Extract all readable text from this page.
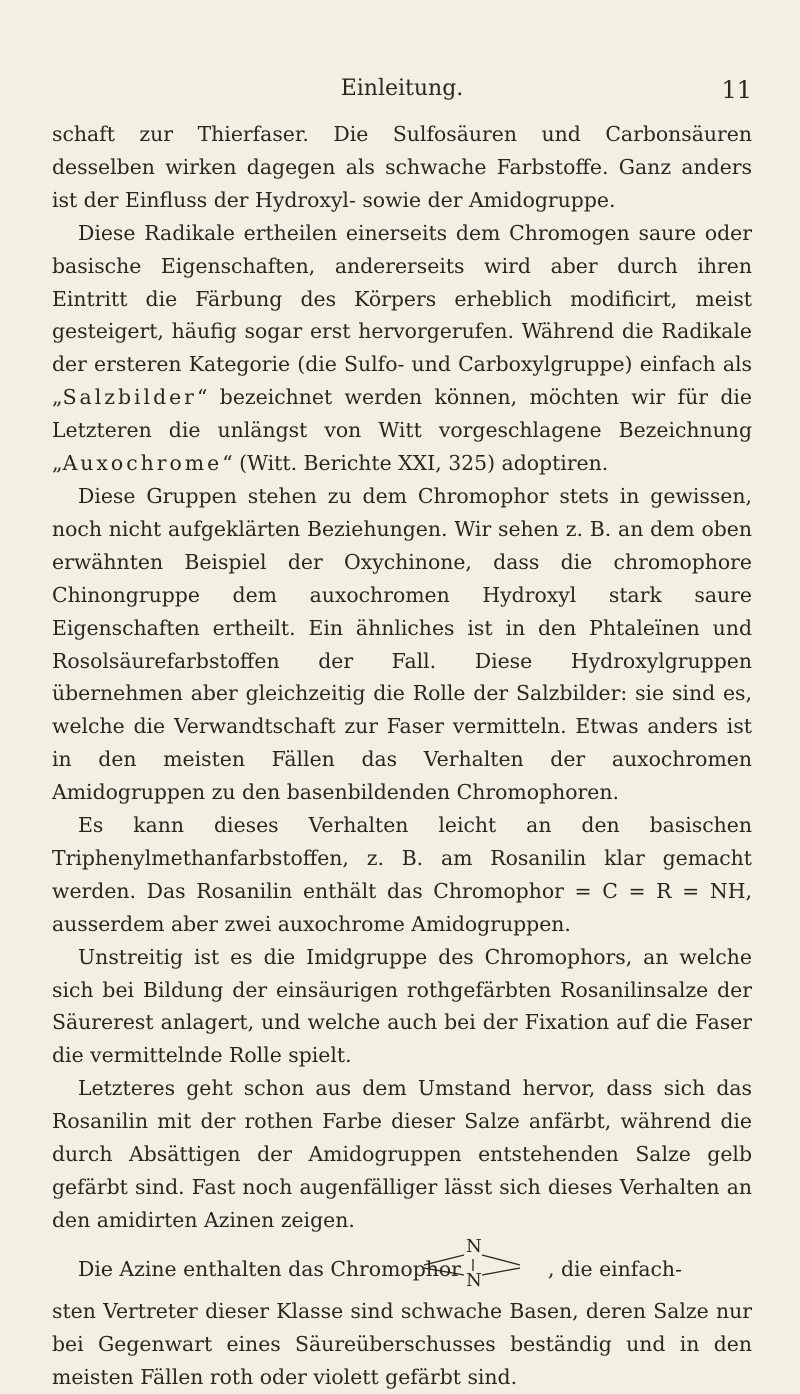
Einleitung.	11

schaft zur Thierfaser. Die Sulfosäuren und Carbonsäuren desselben wirken dagegen als schwache Farbstoffe. Ganz anders ist der Einfluss der Hydroxyl- sowie der Amidogruppe.

Diese Radikale ertheilen einerseits dem Chromogen saure oder basische Eigenschaften, andererseits wird aber durch ihren Eintritt die Färbung des Körpers erheblich modificirt, meist gesteigert, häufig sogar erst hervorgerufen. Während die Radikale der ersteren Kategorie (die Sulfo- und Carboxylgruppe) einfach als „Salzbilder“ bezeichnet werden können, möchten wir für die Letzteren die unlängst von Witt vorgeschlagene Bezeichnung „Auxochrome“ (Witt. Berichte XXI, 325) adoptiren.

Diese Gruppen stehen zu dem Chromophor stets in gewissen, noch nicht aufgeklärten Beziehungen. Wir sehen z. B. an dem oben erwähnten Beispiel der Oxychinone, dass die chromophore Chinongruppe dem auxochromen Hydroxyl stark saure Eigenschaften ertheilt. Ein ähnliches ist in den Phtaleïnen und Rosolsäurefarbstoffen der Fall. Diese Hydroxylgruppen übernehmen aber gleichzeitig die Rolle der Salzbilder: sie sind es, welche die Verwandtschaft zur Faser vermitteln. Etwas anders ist in den meisten Fällen das Verhalten der auxochromen Amidogruppen zu den basenbildenden Chromophoren.

Es kann dieses Verhalten leicht an den basischen Triphenylmethanfarbstoffen, z. B. am Rosanilin klar gemacht werden. Das Rosanilin enthält das Chromophor = C = R = NH, ausserdem aber zwei auxochrome Amidogruppen.

Unstreitig ist es die Imidgruppe des Chromophors, an welche sich bei Bildung der einsäurigen rothgefärbten Rosanilinsalze der Säurerest anlagert, und welche auch bei der Fixation auf die Faser die vermittelnde Rolle spielt.

Letzteres geht schon aus dem Umstand hervor, dass sich das Rosanilin mit der rothen Farbe dieser Salze anfärbt, während die durch Absättigen der Amidogruppen entstehenden Salze gelb gefärbt sind. Fast noch augenfälliger lässt sich dieses Verhalten an den amidirten Azinen zeigen.

Die Azine enthalten das Chromophor
N
N	, die einfach-

sten Vertreter dieser Klasse sind schwache Basen, deren Salze nur bei Gegenwart eines Säureüberschusses beständig und in den meisten Fällen roth oder violett gefärbt sind.
